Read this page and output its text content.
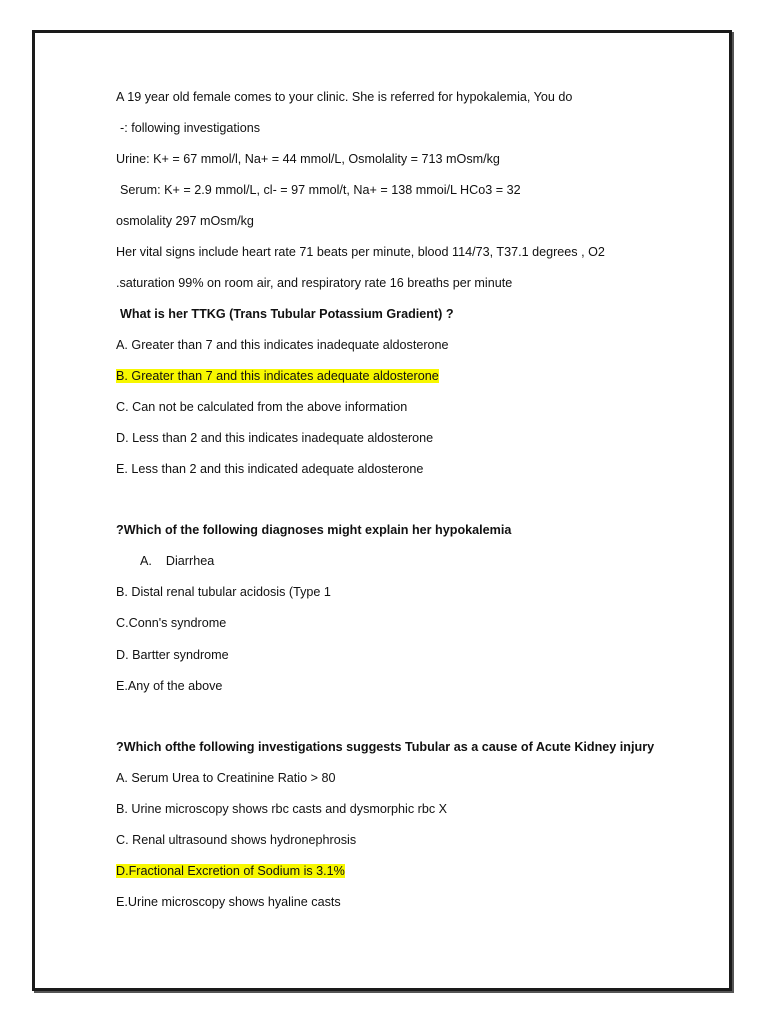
A 19 year old female comes to your clinic. She is referred for hypokalemia, You do
-: following investigations
Urine: K+ = 67 mmol/l, Na+ = 44 mmol/L, Osmolality = 713 mOsm/kg
Serum: K+ = 2.9 mmol/L, cl- = 97 mmol/t, Na+ = 138 mmoi/L HCo3 = 32
osmolality 297 mOsm/kg
Her vital signs include heart rate 71 beats per minute, blood 114/73, T37.1 degrees , O2
.saturation 99% on room air, and respiratory rate 16 breaths per minute
What is her TTKG (Trans Tubular Potassium Gradient) ?
A. Greater than 7 and this indicates inadequate aldosterone
B. Greater than 7 and this indicates adequate aldosterone
C. Can not be calculated from the above information
D. Less than 2 and this indicates inadequate aldosterone
E. Less than 2 and this indicated adequate aldosterone
?Which of the following diagnoses might explain her hypokalemia
A. Diarrhea
B. Distal renal tubular acidosis (Type 1
C.Conn's syndrome
D. Bartter syndrome
E.Any of the above
?Which ofthe following investigations suggests Tubular as a cause of Acute Kidney injury
A. Serum Urea to Creatinine Ratio > 80
B. Urine microscopy shows rbc casts and dysmorphic rbc X
C. Renal ultrasound shows hydronephrosis
D.Fractional Excretion of Sodium is 3.1%
E.Urine microscopy shows hyaline casts
